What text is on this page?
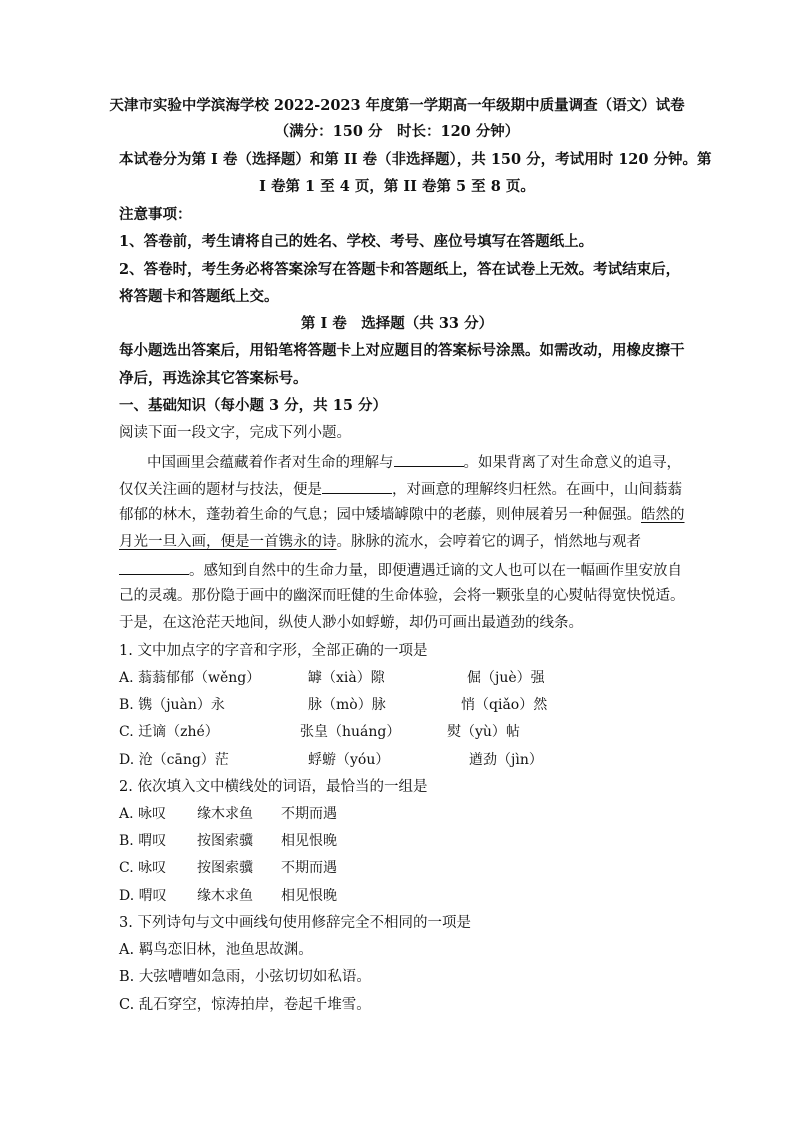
天津市实验中学滨海学校 2022-2023 年度第一学期高一年级期中质量调查（语文）试卷
（满分：150 分　时长：120 分钟）
本试卷分为第 I 卷（选择题）和第 II 卷（非选择题），共 150 分，考试用时 120 分钟。第
I 卷第 1 至 4 页，第 II 卷第 5 至 8 页。
注意事项：
1、答卷前，考生请将自己的姓名、学校、考号、座位号填写在答题纸上。
2、答卷时，考生务必将答案涂写在答题卡和答题纸上，答在试卷上无效。考试结束后，
将答题卡和答题纸上交。
第 I 卷　选择题（共 33 分）
每小题选出答案后，用铅笔将答题卡上对应题目的答案标号涂黑。如需改动，用橡皮擦干
净后，再选涂其它答案标号。
一、基础知识（每小题 3 分，共 15 分）
阅读下面一段文字，完成下列小题。
中国画里会蕴藏着作者对生命的理解与	。如果背离了对生命意义的追寻，
仅仅关注画的题材与技法，便是	，对画意的理解终归枉然。在画中，山间蓊蓊
郁郁的林木，蓬勃着生命的气息；园中矮墙罅隙中的老藤，则伸展着另一种倔强。皓然的
月光一旦入画，便是一首镌永的诗。脉脉的流水，会哼着它的调子，悄然地与观者
。感知到自然中的生命力量，即便遭遇迁谪的文人也可以在一幅画作里安放自
己的灵魂。那份隐于画中的幽深而旺健的生命体验，会将一颗张皇的心熨帖得宽快悦适。
于是，在这沧茫天地间，纵使人渺小如蜉蝣，却仍可画出最遒劲的线条。
1. 文中加点字的字音和字形，全部正确的一项是
A. 蓊蓊郁郁（wěng）	罅（xià）隙	倔（juè）强
B. 镌（juàn）永	脉（mò）脉	悄（qiǎo）然
C. 迁谪（zhé）	张皇（huáng）	熨（yù）帖
D. 沧（cāng）茫	蜉蝣（yóu）	遒劲（jìn）
2. 依次填入文中横线处的词语，最恰当的一组是
A. 咏叹 缘木求鱼 不期而遇
B. 喟叹 按图索骥 相见恨晚
C. 咏叹 按图索骥 不期而遇
D. 喟叹 缘木求鱼 相见恨晚
3. 下列诗句与文中画线句使用修辞完全不相同的一项是
A. 羁鸟恋旧林，池鱼思故渊。
B. 大弦嘈嘈如急雨，小弦切切如私语。
C. 乱石穿空，惊涛拍岸，卷起千堆雪。
